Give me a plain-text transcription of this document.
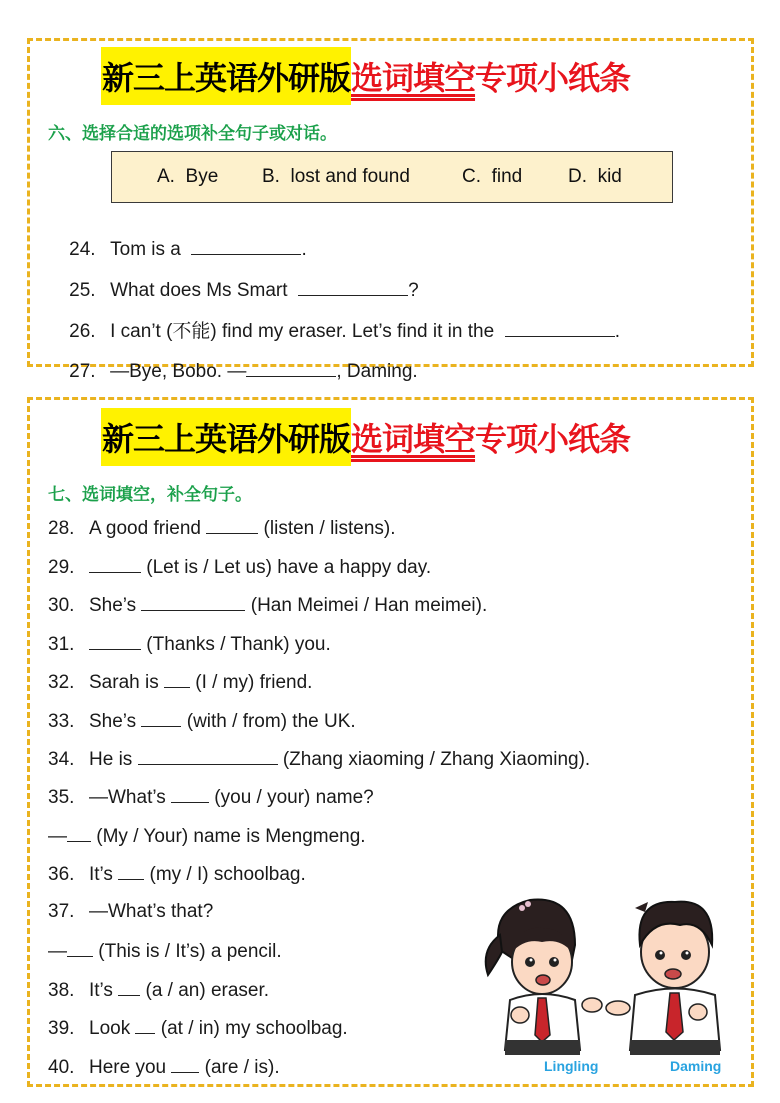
新三上英语外研版 选词填空 专项小纸条
六、选择合适的选项补全句子或对话。
A. Bye B. lost and found	C. find D. kid

24. Tom is a	.

25. What does Ms Smart	?

26. I can’t (不能) find my eraser. Let’s find it in the	.

27. —Bye, Bobo. —	, Daming.

新三上英语外研版 选词填空 专项小纸条
七、选词填空，补全句子。
28. A good friend	(listen / listens).
29.	(Let is / Let us) have a happy day.
30. She’s	(Han Meimei / Han meimei).
31.	(Thanks / Thank) you.
32. Sarah is  (I / my) friend.
33. She’s  (with / from) the UK.
34. He is	(Zhang xiaoming / Zhang Xiaoming).
35. —What’s  (you / your) name?
— (My / Your) name is Mengmeng.
36. It’s  (my / I) schoolbag.
37. —What’s that?
— (This is / It’s) a pencil.
38. It’s  (a / an) eraser.
39. Look  (at / in) my schoolbag.
40. Here you  (are / is).	Lingling	Daming
